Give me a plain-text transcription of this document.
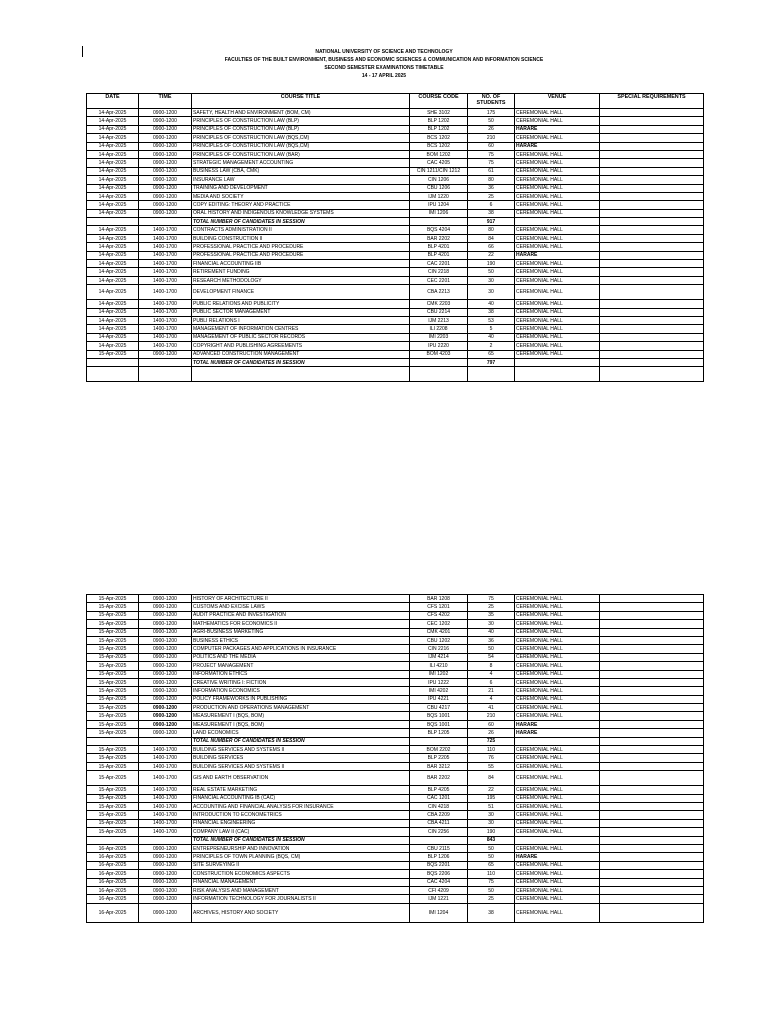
NATIONAL UNIVERSITY OF SCIENCE AND TECHNOLOGY
FACULTIES OF THE BUILT ENVIRONMENT, BUSINESS AND ECONOMIC SCIENCES & COMMUNICATION AND INFORMATION SCIENCE
SECOND SEMESTER EXAMINATIONS TIMETABLE
14 - 17 APRIL 2025
DATE	TIME	COURSE TITLE	COURSE CODE	NO. OF STUDENTS	VENUE	SPECIAL REQUIREMENTS
14-Apr-2025	0900-1200	SAFETY, HEALTH AND ENVIRONMENT (BOM, CM)	SHE 3102	175	CEREMONIAL HALL	
14-Apr-2025	0900-1200	PRINCIPLES OF CONSTRUCTION LAW (BLP)	BLP 1202	50	CEREMONIAL HALL	
14-Apr-2025	0900-1200	PRINCIPLES OF CONSTRUCTION LAW (BLP)	BLP 1202	26	HARARE	
14-Apr-2025	0900-1200	PRINCIPLES OF CONSTRUCTION LAW (BQS,CM)	BCS 1202	210	CEREMONIAL HALL	
14-Apr-2025	0900-1200	PRINCIPLES OF CONSTRUCTION LAW (BQS,CM)	BCS 1202	60	HARARE	
14-Apr-2025	0900-1200	PRINCIPLES OF CONSTRUCTION LAW (BAR)	BOM 1202	75	CEREMONIAL HALL	
14-Apr-2025	0900-1200	STRATEGIC MANAGEMENT ACCOUNTING	CAC 4205	75	CEREMONIAL HALL	
14-Apr-2025	0900-1200	BUSINESS LAW (CBA, CMK)	CIN 1211/CIN 1212	61	CEREMONIAL HALL	
14-Apr-2025	0900-1200	INSURANCE LAW	CIN 1206	80	CEREMONIAL HALL	
14-Apr-2025	0900-1200	TRAINING AND DEVELOPMENT	CBU 1206	36	CEREMONIAL HALL	
14-Apr-2025	0900-1200	MEDIA AND SOCIETY	IJM 1220	25	CEREMONIAL HALL	
14-Apr-2025	0900-1200	COPY EDITING: THEORY AND PRACTICE	IPU 1204	6	CEREMONIAL HALL	
14-Apr-2025	0900-1200	ORAL HISTORY AND INDIGENOUS KNOWLEDGE SYSTEMS	IMI 1206	38	CEREMONIAL HALL	
		TOTAL NUMBER OF CANDIDATES IN SESSION		917		
14-Apr-2025	1400-1700	CONTRACTS ADMINISTRATION II	BQS 4204	80	CEREMONIAL HALL	
14-Apr-2025	1400-1700	BUILDING CONSTRUCTION II	BAR 2202	84	CEREMONIAL HALL	
14-Apr-2025	1400-1700	PROFESSIONAL PRACTICE AND PROCEDURE	BLP 4201	66	CEREMONIAL HALL	
14-Apr-2025	1400-1700	PROFESSIONAL PRACTICE AND PROCEDURE	BLP 4201	22	HARARE	
14-Apr-2025	1400-1700	FINANCIAL ACCOUNTING IIB	CAC 2201	190	CEREMONIAL HALL	
14-Apr-2025	1400-1700	RETIREMENT FUNDING	CIN 2218	50	CEREMONIAL HALL	
14-Apr-2025	1400-1700	RESEARCH METHODOLOGY	CEC 2201	30	CEREMONIAL HALL	
14-Apr-2025	1400-1700	DEVELOPMENT FINANCE	CBA 2213	30	CEREMONIAL HALL	
14-Apr-2025	1400-1700	PUBLIC RELATIONS AND PUBLICITY	CMK 2203	40	CEREMONIAL HALL	
14-Apr-2025	1400-1700	PUBLIC SECTOR MANAGEMENT	CBU 2214	38	CEREMONIAL HALL	
14-Apr-2025	1400-1700	PUBLI RELATIONS I	IJM 2213	53	CEREMONIAL HALL	
14-Apr-2025	1400-1700	MANAGEMENT OF INFORMATION CENTRES	ILI 2208	5	CEREMONIAL HALL	
14-Apr-2025	1400-1700	MANAGEMENT OF PUBLIC SECTOR RECORDS	IMI 2203	40	CEREMONIAL HALL	
14-Apr-2025	1400-1700	COPYRIGHT AND PUBLISHING AGREEMENTS	IPU 2220	2	CEREMONIAL HALL	
15-Apr-2025	0900-1200	ADVANCED CONSTRUCTION MANAGEMENT	BOM 4203	65	CEREMONIAL HALL	
		TOTAL NUMBER OF CANDIDATES IN SESSION		797		

15-Apr-2025	0900-1200	HISTORY OF ARCHITECTURE II	BAR 1208	75	CEREMONIAL HALL	
15-Apr-2025	0900-1200	CUSTOMS AND EXCISE LAWS	CFS 1201	25	CEREMONIAL HALL	
15-Apr-2025	0900-1200	AUDIT PRACTICE AND INVESTIGATION	CFS 4202	35	CEREMONIAL HALL	
15-Apr-2025	0900-1200	MATHEMATICS FOR ECONOMICS II	CEC 1202	30	CEREMONIAL HALL	
15-Apr-2025	0900-1200	AGRI-BUSINESS MARKETING	CMK 4201	40	CEREMONIAL HALL	
15-Apr-2025	0900-1200	BUSINESS ETHICS	CBU 1202	36	CEREMONIAL HALL	
15-Apr-2025	0900-1200	COMPUTER PACKAGES AND APPLICATIONS IN INSURANCE	CIN 2216	50	CEREMONIAL HALL	
15-Apr-2025	0900-1200	POLITICS AND THE MEDIA	IJM 4214	54	CEREMONIAL HALL	
15-Apr-2025	0900-1200	PROJECT MANAGEMENT	ILI 4210	8	CEREMONIAL HALL	
15-Apr-2025	0900-1200	INFORMATION ETHICS	IMI 1202	4	CEREMONIAL HALL	
15-Apr-2025	0900-1200	CREATIVE WRITING I: FICTION	IPU 1222	6	CEREMONIAL HALL	
15-Apr-2025	0900-1200	INFORMATION ECONOMICS	IMI 4202	21	CEREMONIAL HALL	
15-Apr-2025	0900-1200	POLICY FRAMEWORKS IN PUBLISHING	IPU 4221	4	CEREMONIAL HALL	
15-Apr-2025	0900-1200	PRODUCTION AND OPERATIONS MANAGEMENT	CBU 4217	41	CEREMONIAL HALL	
15-Apr-2025	0900-1200	MEASUREMENT I (BQS, BOM)	BQS 1001	210	CEREMONIAL HALL	
15-Apr-2025	0900-1200	MEASUREMENT I (BQS, BOM)	BQS 1001	60	HARARE	
15-Apr-2025	0900-1200	LAND ECONOMICS	BLP 1205	26	HARARE	
		TOTAL NUMBER OF CANDIDATES IN SESSION		725		
15-Apr-2025	1400-1700	BUILDING SERVICES AND SYSTEMS II	BOM 2202	110	CEREMONIAL HALL	
15-Apr-2025	1400-1700	BUILDING SERVICES	BLP 2205	76	CEREMONIAL HALL	
15-Apr-2025	1400-1700	BUILDING SERVICES AND SYSTEMS II	BAR 3212	55	CEREMONIAL HALL	
15-Apr-2025	1400-1700	GIS AND EARTH OBSERVATION	BAR 2202	84	CEREMONIAL HALL	
15-Apr-2025	1400-1700	REAL ESTATE MARKETING	BLP 4205	22	CEREMONIAL HALL	
15-Apr-2025	1400-1700	FINANCIAL ACCOUNTING IB (CAC)	CAC 1201	195	CEREMONIAL HALL	
15-Apr-2025	1400-1700	ACCOUNTING AND FINANCIAL ANALYSIS FOR INSURANCE	CIN 4218	51	CEREMONIAL HALL	
15-Apr-2025	1400-1700	INTRODUCTION TO ECONOMETRICS	CBA 2209	30	CEREMONIAL HALL	
15-Apr-2025	1400-1700	FINANCIAL ENGINEERING	CBA 4211	30	CEREMONIAL HALL	
15-Apr-2025	1400-1700	COMPANY LAW II (CAC)	CIN 2256	190	CEREMONIAL HALL	
		TOTAL NUMBER OF CANDIDATES IN SESSION		843		
16-Apr-2025	0900-1200	ENTREPRENEURSHIP AND INNOVATION	CBU 2115	50	CEREMONIAL HALL	
16-Apr-2025	0900-1200	PRINCIPLES OF TOWN PLANNING (BQS, CM)	BLP 1206	50	HARARE	
16-Apr-2025	0900-1200	SITE SURVEYING II	BQS 2201	65	CEREMONIAL HALL	
16-Apr-2025	0900-1200	CONSTRUCTION ECONOMICS ASPECTS	BQS 2206	110	CEREMONIAL HALL	
16-Apr-2025	0900-1200	FINANCIAL MANAGEMENT	CAC 4204	75	CEREMONIAL HALL	
16-Apr-2025	0900-1200	RISK ANALYSIS AND MANAGEMENT	CFI 4209	50	CEREMONIAL HALL	
16-Apr-2025	0900-1200	INFORMATION TECHNOLOGY FOR JOURNALISTS II	IJM 1221	25	CEREMONIAL HALL	
16-Apr-2025	0900-1200	ARCHIVES, HISTORY AND SOCIETY	IMI 1204	38	CEREMONIAL HALL	
